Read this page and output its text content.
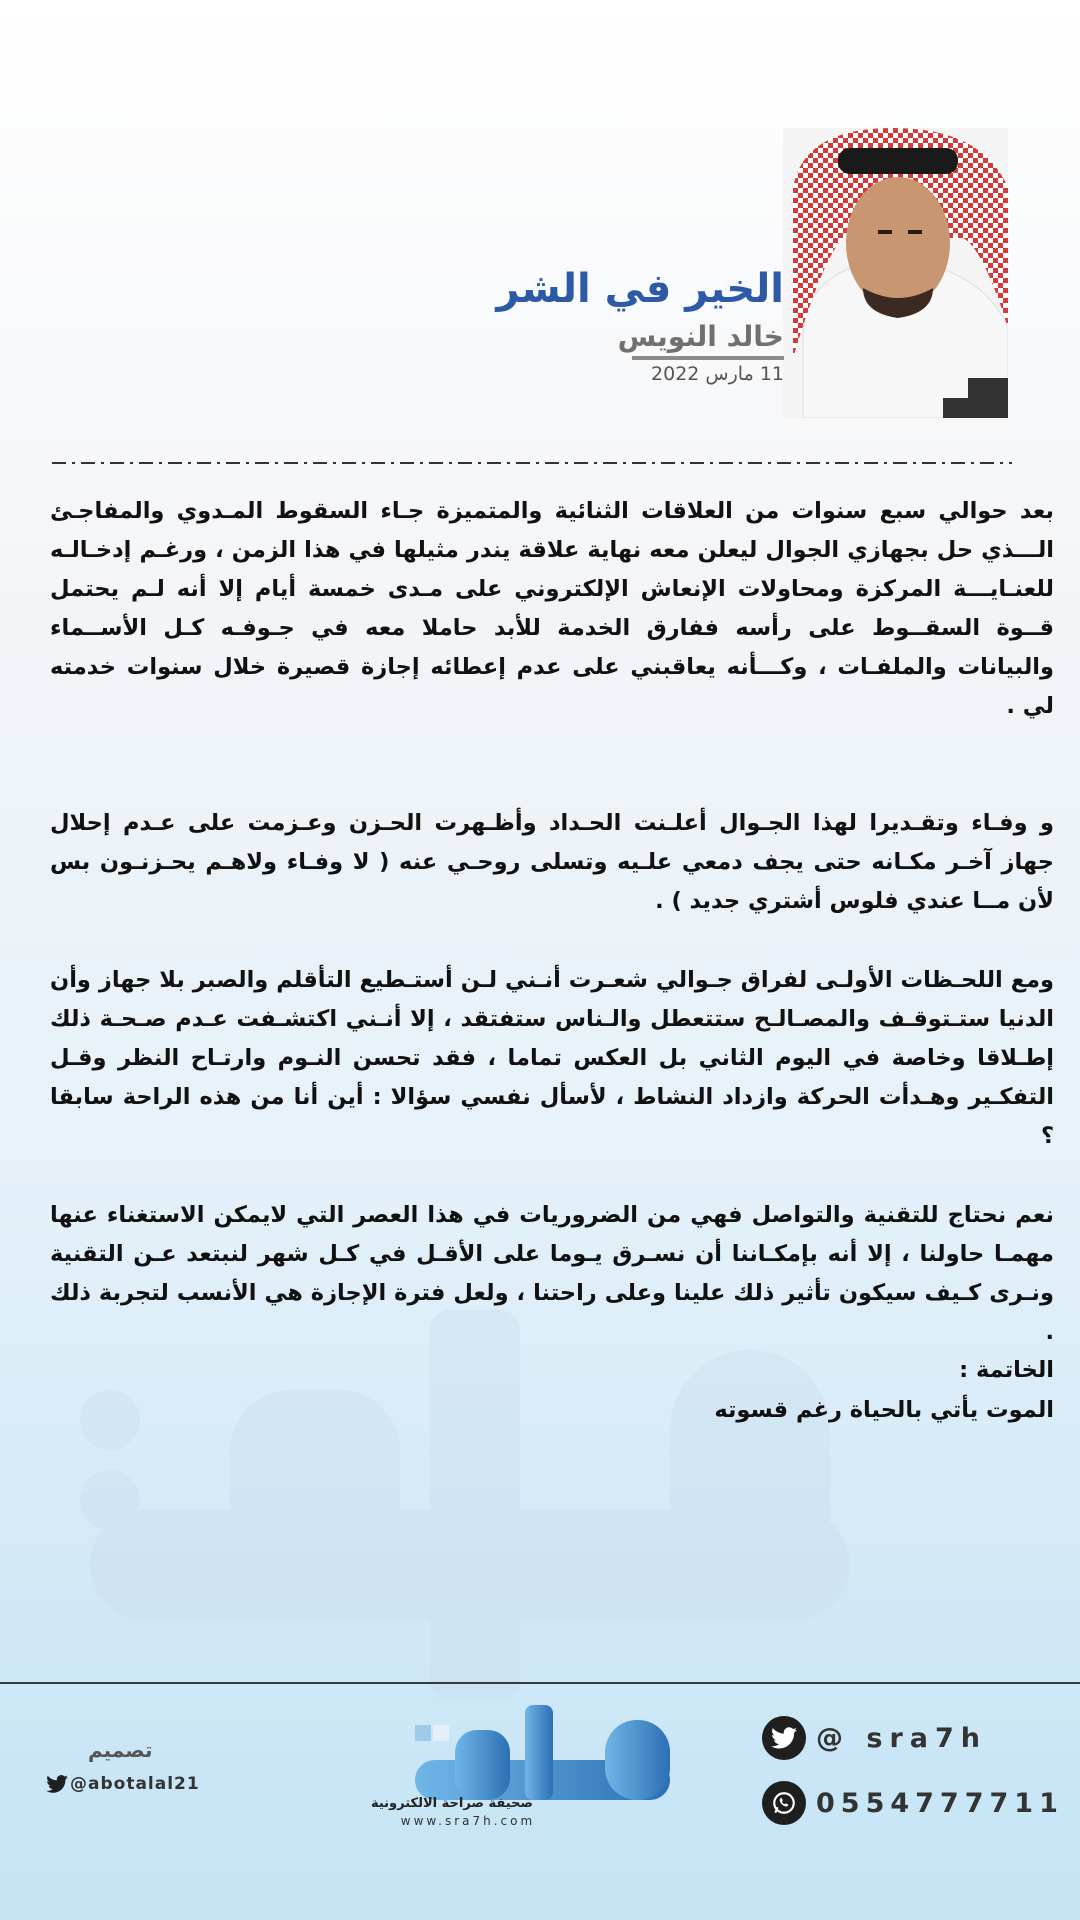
الخير في الشر
خالد النويس
11 مارس 2022

بعد حوالي سبع سنوات من العلاقات الثنائية والمتميزة جـاء السقوط المـدوي والمفاجـئ الـــذي حل بجهازي الجوال ليعلن معه نهاية علاقة يندر مثيلها في هذا الزمن ، ورغـم إدخـالـه للعنـايـــة المركزة ومحاولات الإنعاش الإلكتروني على مـدى خمسة أيام إلا أنه لـم يحتمل قــوة السقــوط على رأسه ففارق الخدمة للأبد حاملا معه في جـوفـه كـل الأســماء والبيانات والملفـات ، وكـــأنه يعاقبني على عدم إعطائه إجازة قصيرة خلال سنوات خدمته لي .

و وفـاء وتقـديرا لهذا الجـوال أعلـنت الحـداد وأظـهرت الحـزن وعـزمت على عـدم إحلال جهاز آخـر مكـانه حتى يجف دمعي علـيه وتسلى روحـي عنه ( لا وفـاء ولاهـم يحـزنـون بس لأن مــا عندي فلوس أشتري جديد ) .

ومع اللحـظات الأولـى لفراق جـوالي شعـرت أنـني لـن أستـطيع التأقلم والصبر بلا جهاز وأن الدنيا ستـتوقـف والمصـالـح ستتعطل والـناس ستفتقد ، إلا أنـني اكتشـفت عـدم صـحـة ذلك إطـلاقا وخاصة في اليوم الثاني بل العكس تماما ، فقد تحسن النـوم وارتـاح النظر وقـل التفكـير وهـدأت الحركة وازداد النشاط ، لأسأل نفسي سؤالا : أين أنا من هذه الراحة سابقا ؟

نعم نحتاج للتقنية والتواصل فهي من الضروريات في هذا العصر التي لايمكن الاستغناء عنها مهمـا حاولنا ، إلا أنه بإمكـاننا أن نسـرق يـوما على الأقـل في كـل شهر لنبتعد عـن التقنية ونـرى كـيف سيكون تأثير ذلك علينا وعلى راحتنا ، ولعل فترة الإجازة هي الأنسب لتجربة ذلك .

الخاتمة :
الموت يأتي بالحياة رغم قسوته
@ sra7h
0554777711
صحيفة صراحة الالكترونية
www.sra7h.com
تصميم
@abotalal21
